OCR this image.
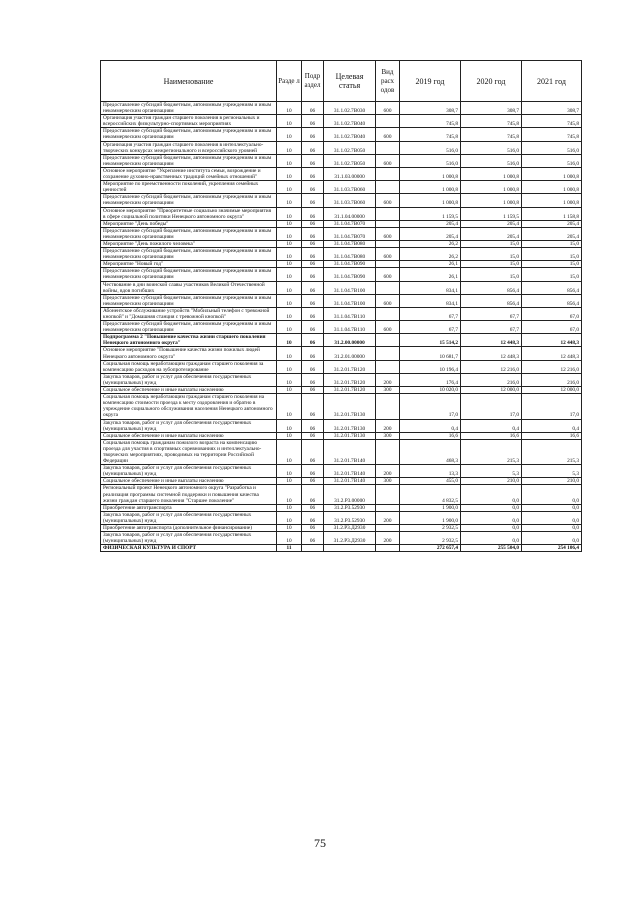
Наименование	Разде л	Подр аздел	Целевая статья	Вид расх одов	2019 год	2020 год	2021 год
Предоставление субсидий бюджетным, автономным учреждениям и иным некоммерческим организациям	10	06	31.1.02.7В030	600	308,7	308,7	308,7
Организация участия граждан старшего поколения в региональных и всероссийских физкультурно-спортивных мероприятиях	10	06	31.1.02.7В040		745,8	745,8	745,8
Предоставление субсидий бюджетным, автономным учреждениям и иным некоммерческим организациям	10	06	31.1.02.7В040	600	745,8	745,8	745,8
Организация участия граждан старшего поколения в интеллектуально-творческих конкурсах межрегионального и всероссийского уровней	10	06	31.1.02.7В050		516,0	516,0	516,0
Предоставление субсидий бюджетным, автономным учреждениям и иным некоммерческим организациям	10	06	31.1.02.7В050	600	516,0	516,0	516,0
Основное мероприятие "Укрепление института семьи, возрождение и сохранение духовно-нравственных традиций семейных отношений"	10	06	31.1.03.00000		1 000,8	1 000,8	1 000,8
Мероприятие по преемственности поколений, укрепления семейных ценностей	10	06	31.1.03.7В060		1 000,8	1 000,8	1 000,8
Предоставление субсидий бюджетным, автономным учреждениям и иным некоммерческим организациям	10	06	31.1.03.7В060	600	1 000,8	1 000,8	1 000,8
Основное мероприятие "Приоритетные социально значимые мероприятия в сфере социальной политики Ненецкого автономного округа"	10	06	31.1.04.00000		1 159,5	1 159,5	1 158,8
Мероприятие "День победы"	10	06	31.1.04.7В070		205,4	205,4	205,4
Предоставление субсидий бюджетным, автономным учреждениям и иным некоммерческим организациям	10	06	31.1.04.7В070	600	205,4	205,4	205,4
Мероприятие "День пожилого человека"	10	06	31.1.04.7В080		26,2	15,0	15,0
Предоставление субсидий бюджетным, автономным учреждениям и иным некоммерческим организациям	10	06	31.1.04.7В080	600	26,2	15,0	15,0
Мероприятие "Новый год"	10	06	31.1.04.7В090		26,1	15,0	15,0
Предоставление субсидий бюджетным, автономным учреждениям и иным некоммерческим организациям	10	06	31.1.04.7В090	600	26,1	15,0	15,0
Чествование в дни воинской славы участников Великой Отечественной войны, вдов погибших	10	06	31.1.04.7В100		834,1	856,4	856,4
Предоставление субсидий бюджетным, автономным учреждениям и иным некоммерческим организациям	10	06	31.1.04.7В100	600	834,1	856,4	856,4
Абонентское обслуживание устройств "Мобильный телефон с тревожной кнопкой" и "Домашняя станция с тревожной кнопкой"	10	06	31.1.04.7В110		67,7	67,7	67,0
Предоставление субсидий бюджетным, автономным учреждениям и иным некоммерческим организациям	10	06	31.1.04.7В110	600	67,7	67,7	67,0
Подпрограмма 2 "Повышение качества жизни старшего поколения Ненецкого автономного округа"	10	06	31.2.00.00000		15 514,2	12 448,3	12 448,3
Основное мероприятие "Повышение качества жизни пожилых людей Ненецкого автономного округа"	10	06	31.2.01.00000		10 681,7	12 448,3	12 448,3
Социальная помощь неработающим гражданам старшего поколения за компенсацию расходов на зубопротезирование	10	06	31.2.01.7В120		10 196,4	12 216,0	12 216,0
Закупка товаров, работ и услуг для обеспечения государственных (муниципальных) нужд	10	06	31.2.01.7В120	200	176,4	216,0	216,0
Социальное обеспечение и иные выплаты населению	10	06	31.2.01.7В120	300	10 020,0	12 000,0	12 000,0
Социальная помощь неработающим гражданам старшего поколения на компенсацию стоимости проезда к месту оздоровления и обратно в учреждение социального обслуживания населения Ненецкого автономного округа	10	06	31.2.01.7В130		17,0	17,0	17,0
Закупка товаров, работ и услуг для обеспечения государственных (муниципальных) нужд	10	06	31.2.01.7В130	200	0,4	0,4	0,4
Социальное обеспечение и иные выплаты населению	10	06	31.2.01.7В130	300	16,6	16,6	16,6
Социальная помощь гражданам пожилого возраста на компенсацию проезда для участия в спортивных соревнованиях и интеллектуально-творческих мероприятиях, проводимых на территории Российской Федерации	10	06	31.2.01.7В140		468,3	215,3	215,3
Закупка товаров, работ и услуг для обеспечения государственных (муниципальных) нужд	10	06	31.2.01.7В140	200	13,3	5,3	5,3
Социальное обеспечение и иные выплаты населению	10	06	31.2.01.7В140	300	455,0	210,0	210,0
Региональный проект Ненецкого автономного округа "Разработка и реализация программы системной поддержки и повышения качества жизни граждан старшего поколения "Старшее поколение"	10	06	31.2.Р3.00000		4 832,5	0,0	0,0
Приобретение автотранспорта	10	06	31.2.Р3.52930		1 900,0	0,0	0,0
Закупка товаров, работ и услуг для обеспечения государственных (муниципальных) нужд	10	06	31.2.Р3.52930	200	1 900,0	0,0	0,0
Приобретение автотранспорта (дополнительное финансирование)	10	06	31.2.Р3.Д2930		2 932,5	0,0	0,0
Закупка товаров, работ и услуг для обеспечения государственных (муниципальных) нужд	10	06	31.2.Р3.Д2930	200	2 932,5	0,0	0,0
ФИЗИЧЕСКАЯ КУЛЬТУРА И СПОРТ	11				272 657,4	255 504,0	254 106,4
75
